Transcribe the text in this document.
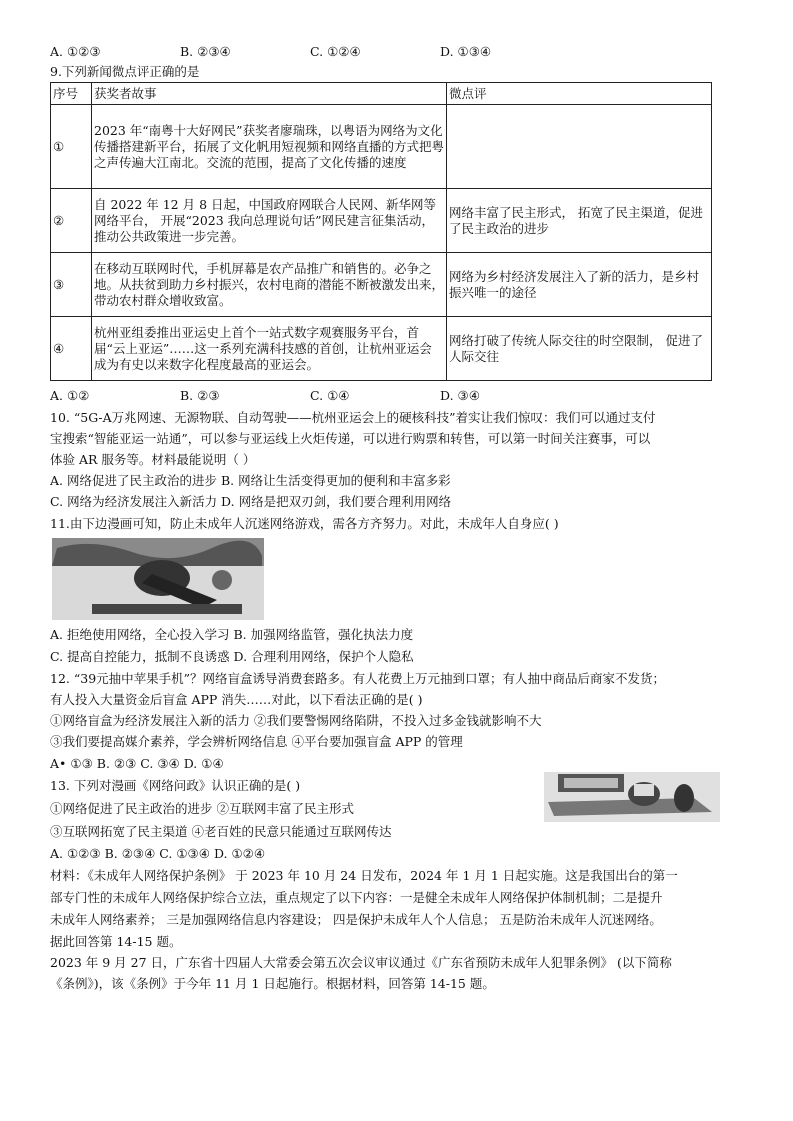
A. ①②③	B. ②③④	C. ①②④	D. ①③④
9.下列新闻微点评正确的是
序号	获奖者故事	微点评
①	2023 年“南粤十大好网民”获奖者廖瑞珠，以粤语为网络为文化传播搭建新平台，拓展了文化帆用短视频和网络直播的方式把粤之声传遍大江南北。交流的范围，提高了文化传播的速度	
②	自 2022 年 12 月 8 日起，中国政府网联合人民网、新华网等网络平台， 开展“2023 我向总理说句话”网民建言征集活动， 推动公共政策进一步完善。	网络丰富了民主形式， 拓宽了民主渠道，促进了民主政治的进步
③	在移动互联网时代，手机屏幕是农产品推广和销售的。必争之地。从扶贫到助力乡村振兴，农村电商的潜能不断被激发出来， 带动农村群众增收致富。	网络为乡村经济发展注入了新的活力，是乡村振兴唯一的途径
④	杭州亚组委推出亚运史上首个一站式数字观赛服务平台，首届“云上亚运”……这一系列充满科技感的首创，让杭州亚运会成为有史以来数字化程度最高的亚运会。	网络打破了传统人际交往的时空限制， 促进了人际交往
A. ①②	B. ②③	C. ①④	D. ③④
10. “5G-A万兆网速、无源物联、自动驾驶——杭州亚运会上的硬核科技”着实让我们惊叹：我们可以通过支付
宝搜索“智能亚运一站通”，可以参与亚运线上火炬传递，可以进行购票和转售，可以第一时间关注赛事，可以
体验 AR 服务等。材料最能说明（ ）
A. 网络促进了民主政治的进步 B. 网络让生活变得更加的便利和丰富多彩
C. 网络为经济发展注入新活力 D. 网络是把双刃剑，我们要合理利用网络
11.由下边漫画可知，防止未成年人沉迷网络游戏，需各方齐努力。对此，未成年人自身应( )
A. 拒绝使用网络，全心投入学习 B. 加强网络监管，强化执法力度
C. 提高自控能力，抵制不良诱惑 D. 合理利用网络，保护个人隐私
12. “39元抽中苹果手机”？网络盲盒诱导消费套路多。有人花费上万元抽到口罩；有人抽中商品后商家不发货；
有人投入大量资金后盲盒 APP 消失……对此，以下看法正确的是( )
①网络盲盒为经济发展注入新的活力 ②我们要警惕网络陷阱，不投入过多金钱就影响不大
③我们要提高媒介素养，学会辨析网络信息 ④平台要加强盲盒 APP 的管理
A• ①③ B. ②③ C. ③④ D. ①④
13. 下列对漫画《网络问政》认识正确的是( )
①网络促进了民主政治的进步 ②互联网丰富了民主形式
③互联网拓宽了民主渠道 ④老百姓的民意只能通过互联网传达
A. ①②③ B. ②③④ C. ①③④ D. ①②④
材料：《未成年人网络保护条例》 于 2023 年 10 月 24 日发布，2024 年 1 月 1 日起实施。这是我国出台的第一
部专门性的未成年人网络保护综合立法，重点规定了以下内容：一是健全未成年人网络保护体制机制；二是提升
未成年人网络素养； 三是加强网络信息内容建设； 四是保护未成年人个人信息； 五是防治未成年人沉迷网络。
据此回答第 14-15 题。
2023 年 9 月 27 日，广东省十四届人大常委会第五次会议审议通过《广东省预防未成年人犯罪条例》 (以下简称
《条例》)，该《条例》于今年 11 月 1 日起施行。根据材料，回答第 14-15 题。
